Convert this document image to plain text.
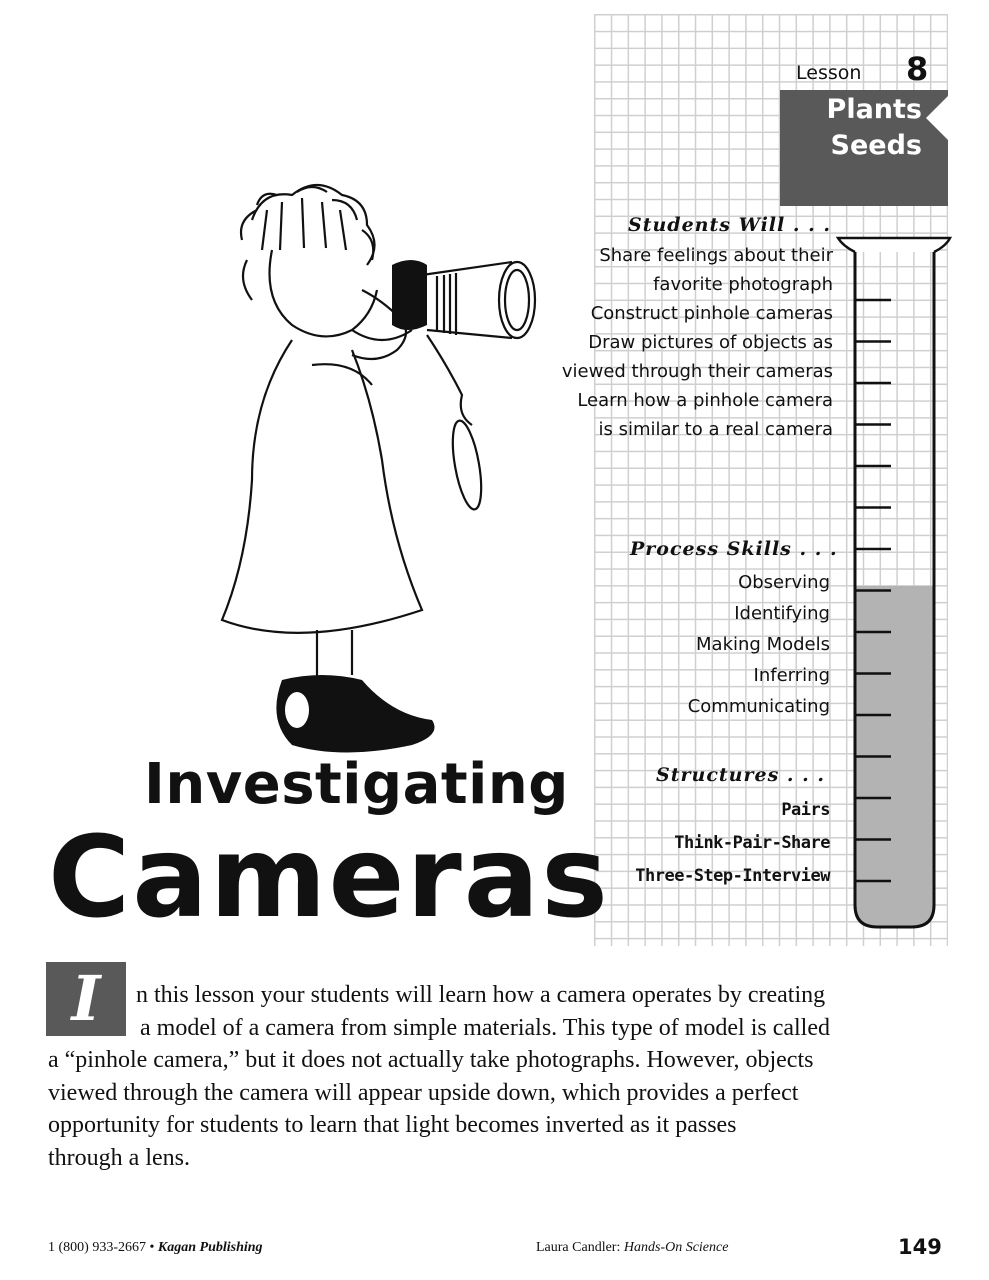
Lesson 8
Plants
Seeds
Students Will . . .
Share feelings about their
favorite photograph
Construct pinhole cameras
Draw pictures of objects as
viewed through their cameras
Learn how a pinhole camera
is similar to a real camera
Process Skills . . .
Observing
Identifying
Making Models
Inferring
Communicating
Structures . . .
Pairs
Think-Pair-Share
Three-Step-Interview
Investigating
Cameras
I	n this lesson your students will learn how a camera operates by creating
a model of a camera from simple materials. This type of model is called
a “pinhole camera,” but it does not actually take photographs. However, objects
viewed through the camera will appear upside down, which provides a perfect
opportunity for students to learn that light becomes inverted as it passes
through a lens.
1 (800) 933-2667 • Kagan Publishing	Laura Candler: Hands-On Science	149
